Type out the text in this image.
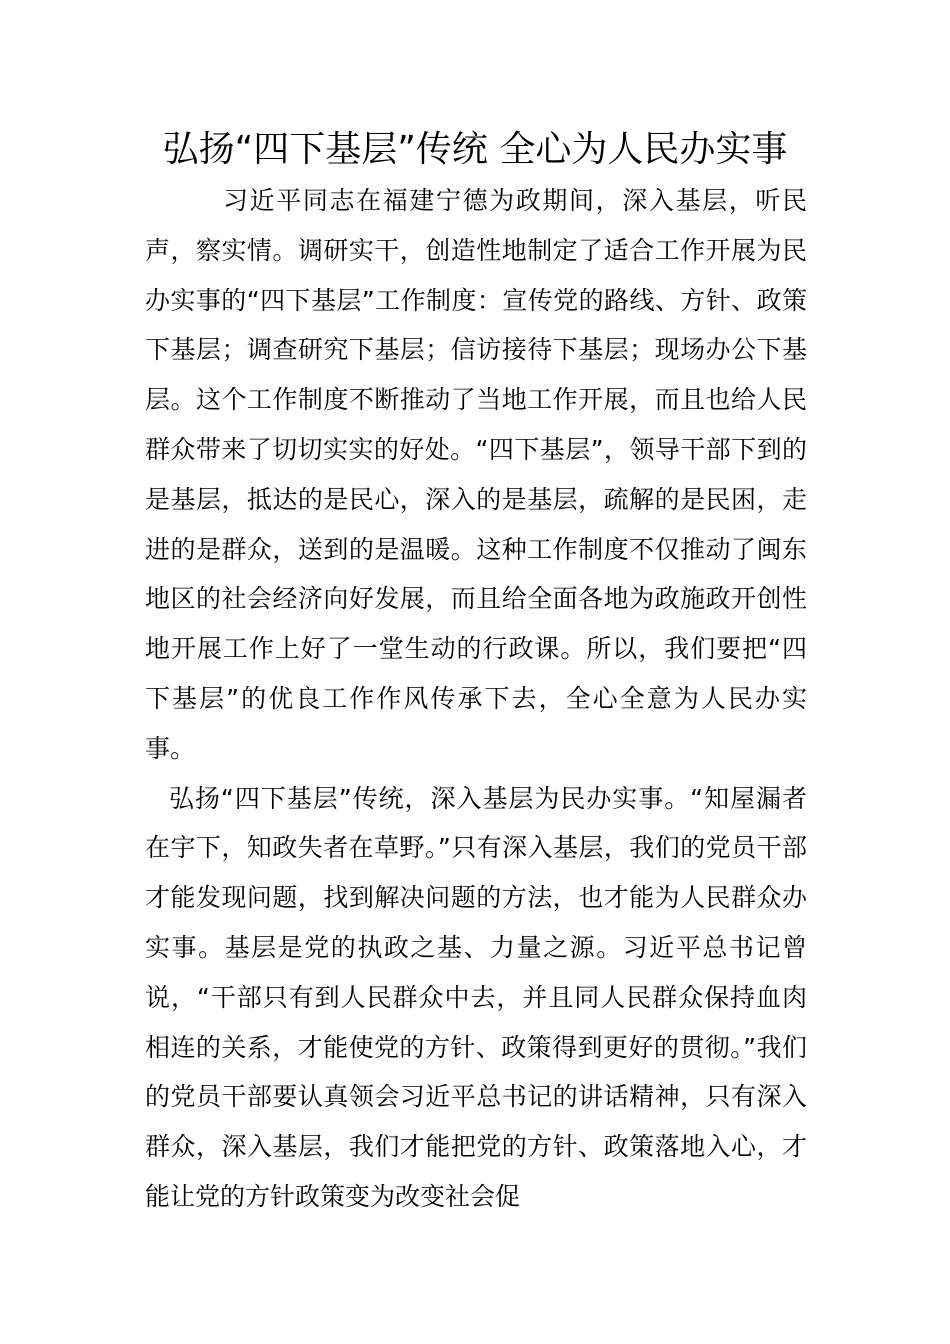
弘扬“四下基层”传统 全心为人民办实事

习近平同志在福建宁德为政期间，深入基层，听民声，察实情。调研实干，创造性地制定了适合工作开展为民办实事的“四下基层”工作制度：宣传党的路线、方针、政策下基层；调查研究下基层；信访接待下基层；现场办公下基层。这个工作制度不断推动了当地工作开展，而且也给人民群众带来了切切实实的好处。“四下基层”，领导干部下到的是基层，抵达的是民心，深入的是基层，疏解的是民困，走进的是群众，送到的是温暖。这种工作制度不仅推动了闽东地区的社会经济向好发展，而且给全面各地为政施政开创性地开展工作上好了一堂生动的行政课。所以，我们要把“四下基层”的优良工作作风传承下去，全心全意为人民办实事。

弘扬“四下基层”传统，深入基层为民办实事。“知屋漏者在宇下，知政失者在草野。”只有深入基层，我们的党员干部才能发现问题，找到解决问题的方法，也才能为人民群众办实事。基层是党的执政之基、力量之源。习近平总书记曾说，“干部只有到人民群众中去，并且同人民群众保持血肉相连的关系，才能使党的方针、政策得到更好的贯彻。”我们的党员干部要认真领会习近平总书记的讲话精神，只有深入群众，深入基层，我们才能把党的方针、政策落地入心，才能让党的方针政策变为改变社会促
